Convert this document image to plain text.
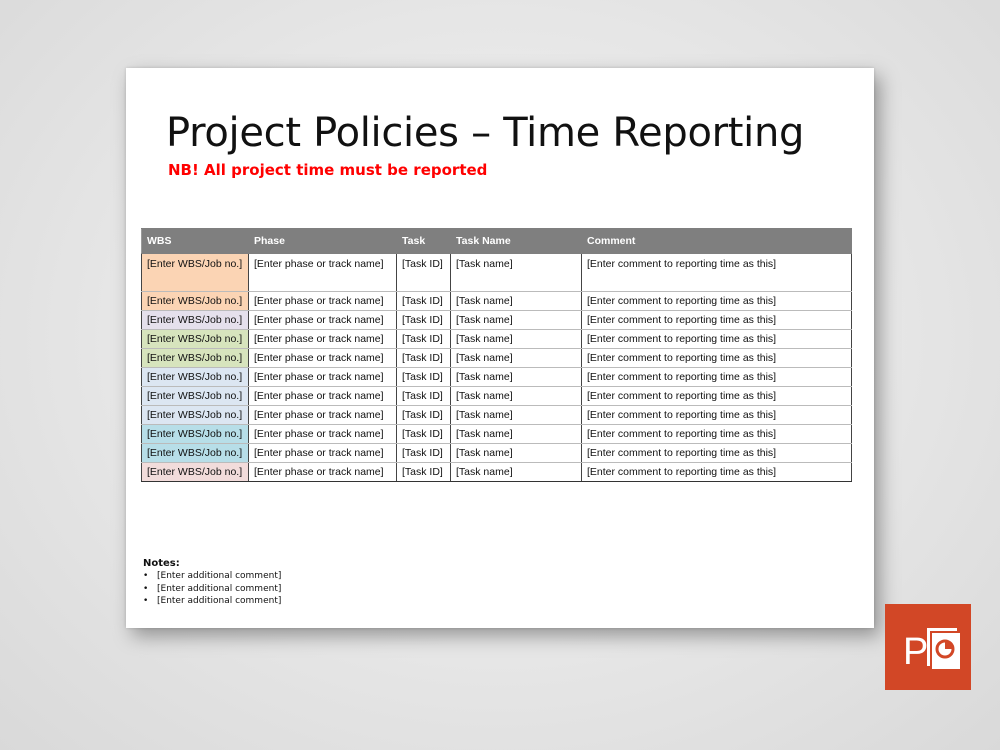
Project Policies – Time Reporting
NB! All project time must be reported
WBS	Phase	Task	Task Name	Comment
[Enter WBS/Job no.]	[Enter phase or track name]	[Task ID]	[Task name]	[Enter comment to reporting time as this]
[Enter WBS/Job no.]	[Enter phase or track name]	[Task ID]	[Task name]	[Enter comment to reporting time as this]
[Enter WBS/Job no.]	[Enter phase or track name]	[Task ID]	[Task name]	[Enter comment to reporting time as this]
[Enter WBS/Job no.]	[Enter phase or track name]	[Task ID]	[Task name]	[Enter comment to reporting time as this]
[Enter WBS/Job no.]	[Enter phase or track name]	[Task ID]	[Task name]	[Enter comment to reporting time as this]
[Enter WBS/Job no.]	[Enter phase or track name]	[Task ID]	[Task name]	[Enter comment to reporting time as this]
[Enter WBS/Job no.]	[Enter phase or track name]	[Task ID]	[Task name]	[Enter comment to reporting time as this]
[Enter WBS/Job no.]	[Enter phase or track name]	[Task ID]	[Task name]	[Enter comment to reporting time as this]
[Enter WBS/Job no.]	[Enter phase or track name]	[Task ID]	[Task name]	[Enter comment to reporting time as this]
[Enter WBS/Job no.]	[Enter phase or track name]	[Task ID]	[Task name]	[Enter comment to reporting time as this]
[Enter WBS/Job no.]	[Enter phase or track name]	[Task ID]	[Task name]	[Enter comment to reporting time as this]
Notes:
• [Enter additional comment]
• [Enter additional comment]
• [Enter additional comment]
P
